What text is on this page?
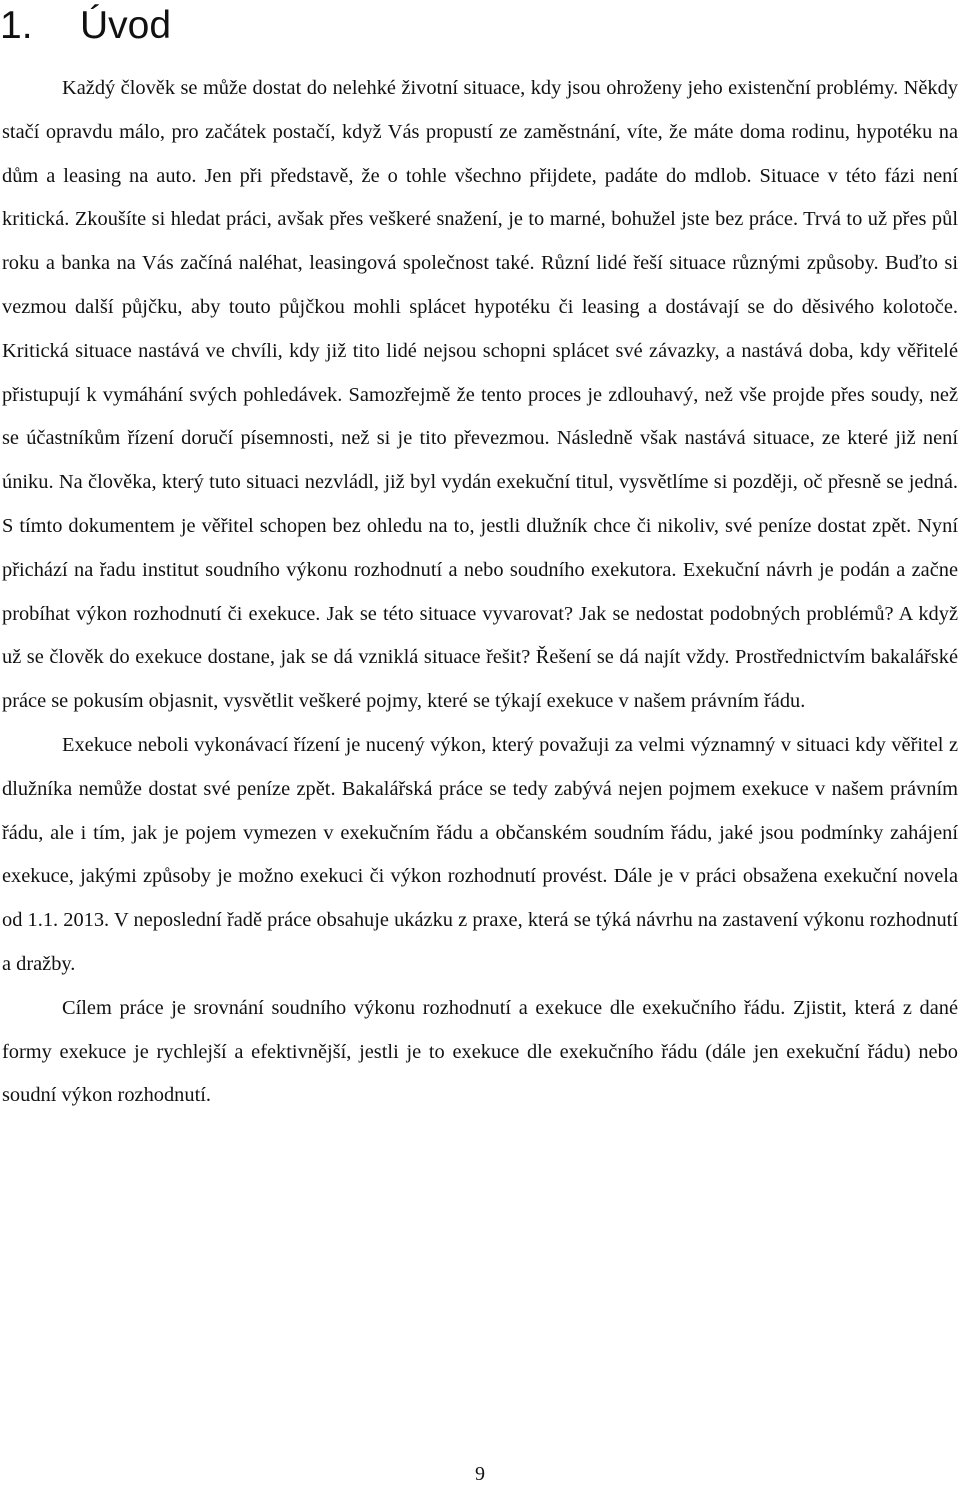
1. Úvod

Každý člověk se může dostat do nelehké životní situace, kdy jsou ohroženy jeho existenční problémy. Někdy stačí opravdu málo, pro začátek postačí, když Vás propustí ze zaměstnání, víte, že máte doma rodinu, hypotéku na dům a leasing na auto. Jen při představě, že o tohle všechno přijdete, padáte do mdlob. Situace v této fázi není kritická. Zkoušíte si hledat práci, avšak přes veškeré snažení, je to marné, bohužel jste bez práce. Trvá to už přes půl roku a banka na Vás začíná naléhat, leasingová společnost také. Různí lidé řeší situace různými způsoby. Buďto si vezmou další půjčku, aby touto půjčkou mohli splácet hypotéku či leasing a dostávají se do děsivého kolotoče. Kritická situace nastává ve chvíli, kdy již tito lidé nejsou schopni splácet své závazky, a nastává doba, kdy věřitelé přistupují k vymáhání svých pohledávek. Samozřejmě že tento proces je zdlouhavý, než vše projde přes soudy, než se účastníkům řízení doručí písemnosti, než si je tito převezmou. Následně však nastává situace, ze které již není úniku. Na člověka, který tuto situaci nezvládl, již byl vydán exekuční titul, vysvětlíme si později, oč přesně se jedná. S tímto dokumentem je věřitel schopen bez ohledu na to, jestli dlužník chce či nikoliv, své peníze dostat zpět. Nyní přichází na řadu institut soudního výkonu rozhodnutí a nebo soudního exekutora. Exekuční návrh je podán a začne probíhat výkon rozhodnutí či exekuce. Jak se této situace vyvarovat? Jak se nedostat podobných problémů? A když už se člověk do exekuce dostane, jak se dá vzniklá situace řešit? Řešení se dá najít vždy. Prostřednictvím bakalářské práce se pokusím objasnit, vysvětlit veškeré pojmy, které se týkají exekuce v našem právním řádu.

Exekuce neboli vykonávací řízení je nucený výkon, který považuji za velmi významný v situaci kdy věřitel z dlužníka nemůže dostat své peníze zpět. Bakalářská práce se tedy zabývá nejen pojmem exekuce v našem právním řádu, ale i tím, jak je pojem vymezen v exekučním řádu a občanském soudním řádu, jaké jsou podmínky zahájení exekuce, jakými způsoby je možno exekuci či výkon rozhodnutí provést. Dále je v práci obsažena exekuční novela od 1.1. 2013. V neposlední řadě práce obsahuje ukázku z praxe, která se týká návrhu na zastavení výkonu rozhodnutí a dražby.

Cílem práce je srovnání soudního výkonu rozhodnutí a exekuce dle exekučního řádu. Zjistit, která z dané formy exekuce je rychlejší a efektivnější, jestli je to exekuce dle exekučního řádu (dále jen exekuční řádu) nebo soudní výkon rozhodnutí.

9
